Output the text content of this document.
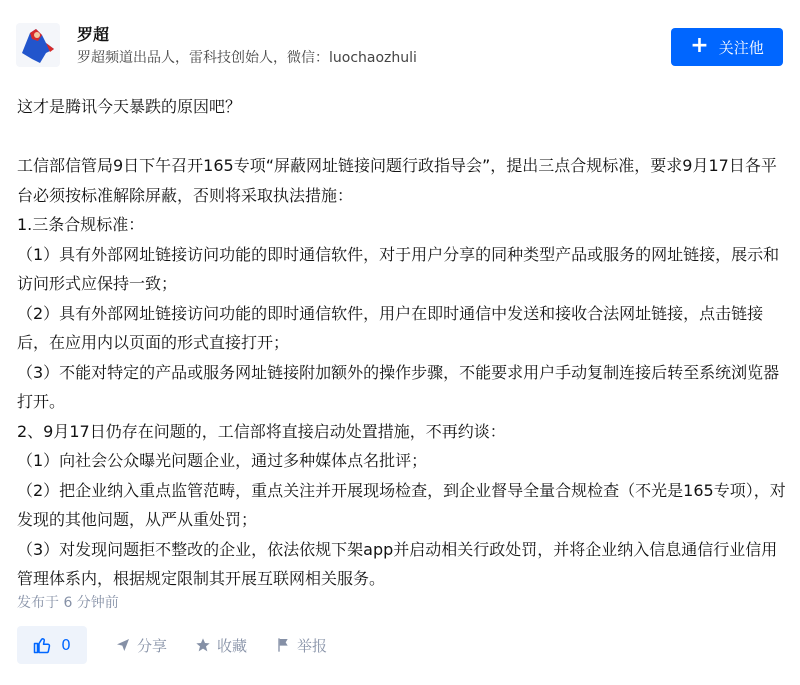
罗超
罗超频道出品人，雷科技创始人，微信：luochaozhuli	+ 关注他

这才是腾讯今天暴跌的原因吧？

工信部信管局9日下午召开165专项“屏蔽网址链接问题行政指导会”，提出三点合规标准，要求9月17日各平台必须按标准解除屏蔽，否则将采取执法措施：

1.三条合规标准：

（1）具有外部网址链接访问功能的即时通信软件，对于用户分享的同种类型产品或服务的网址链接，展示和访问形式应保持一致；

（2）具有外部网址链接访问功能的即时通信软件，用户在即时通信中发送和接收合法网址链接，点击链接后，在应用内以页面的形式直接打开；

（3）不能对特定的产品或服务网址链接附加额外的操作步骤，不能要求用户手动复制连接后转至系统浏览器打开。

2、9月17日仍存在问题的，工信部将直接启动处置措施，不再约谈：

（1）向社会公众曝光问题企业，通过多种媒体点名批评；

（2）把企业纳入重点监管范畴，重点关注并开展现场检查，到企业督导全量合规检查（不光是165专项），对发现的其他问题，从严从重处罚；

（3）对发现问题拒不整改的企业，依法依规下架app并启动相关行政处罚，并将企业纳入信息通信行业信用管理体系内，根据规定限制其开展互联网相关服务。

发布于 6 分钟前
0	分享	收藏	举报
